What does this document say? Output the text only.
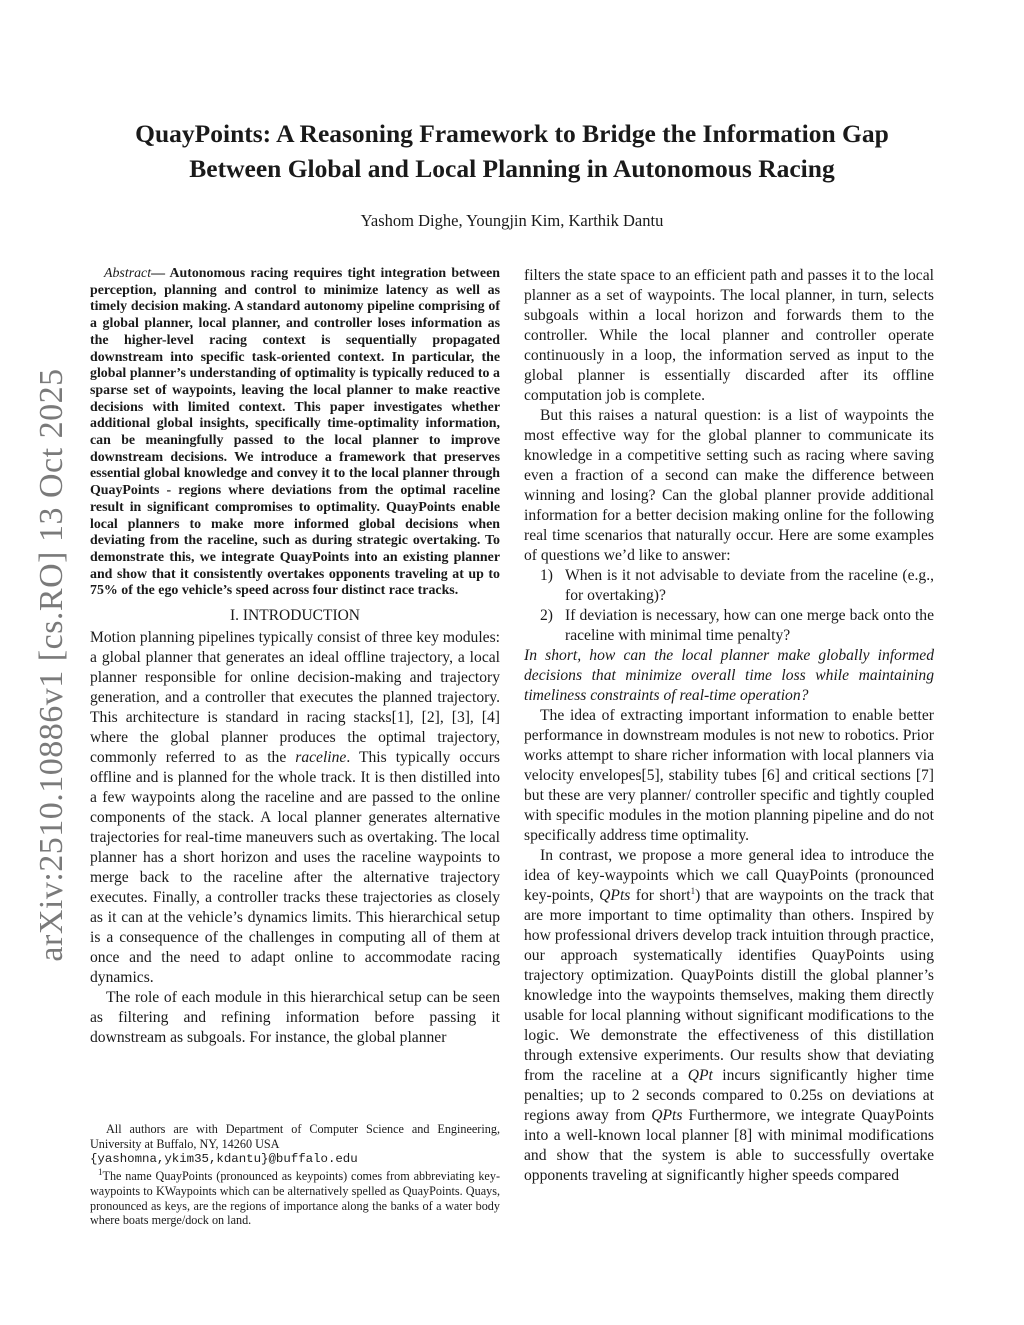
arXiv:2510.10886v1 [cs.RO] 13 Oct 2025
QuayPoints: A Reasoning Framework to Bridge the Information Gap
Between Global and Local Planning in Autonomous Racing
Yashom Dighe, Youngjin Kim, Karthik Dantu

Abstract— Autonomous racing requires tight integration between perception, planning and control to minimize latency as well as timely decision making. A standard autonomy pipeline comprising of a global planner, local planner, and controller loses information as the higher-level racing context is sequentially propagated downstream into specific task-oriented context. In particular, the global planner’s understanding of optimality is typically reduced to a sparse set of waypoints, leaving the local planner to make reactive decisions with limited context. This paper investigates whether additional global insights, specifically time-optimality information, can be meaningfully passed to the local planner to improve downstream decisions. We introduce a framework that preserves essential global knowledge and convey it to the local planner through QuayPoints - regions where deviations from the optimal raceline result in significant compromises to optimality. QuayPoints enable local planners to make more informed global decisions when deviating from the raceline, such as during strategic overtaking. To demonstrate this, we integrate QuayPoints into an existing planner and show that it consistently overtakes opponents traveling at up to 75% of the ego vehicle’s speed across four distinct race tracks.

I. INTRODUCTION

Motion planning pipelines typically consist of three key modules: a global planner that generates an ideal offline trajectory, a local planner responsible for online decision-making and trajectory generation, and a controller that executes the planned trajectory. This architecture is standard in racing stacks[1], [2], [3], [4] where the global planner produces the optimal trajectory, commonly referred to as the raceline. This typically occurs offline and is planned for the whole track. It is then distilled into a few waypoints along the raceline and are passed to the online components of the stack. A local planner generates alternative trajectories for real-time maneuvers such as overtaking. The local planner has a short horizon and uses the raceline waypoints to merge back to the raceline after the alternative trajectory executes. Finally, a controller tracks these trajectories as closely as it can at the vehicle’s dynamics limits. This hierarchical setup is a consequence of the challenges in computing all of them at once and the need to adapt online to accommodate racing dynamics.

The role of each module in this hierarchical setup can be seen as filtering and refining information before passing it downstream as subgoals. For instance, the global planner

filters the state space to an efficient path and passes it to the local planner as a set of waypoints. The local planner, in turn, selects subgoals within a local horizon and forwards them to the controller. While the local planner and controller operate continuously in a loop, the information served as input to the global planner is essentially discarded after its offline computation job is complete.

But this raises a natural question: is a list of waypoints the most effective way for the global planner to communicate its knowledge in a competitive setting such as racing where saving even a fraction of a second can make the difference between winning and losing? Can the global planner provide additional information for a better decision making online for the following real time scenarios that naturally occur. Here are some examples of questions we’d like to answer:

1) When is it not advisable to deviate from the raceline (e.g., for overtaking)?
2) If deviation is necessary, how can one merge back onto the raceline with minimal time penalty?

In short, how can the local planner make globally informed decisions that minimize overall time loss while maintaining timeliness constraints of real-time operation?

The idea of extracting important information to enable better performance in downstream modules is not new to robotics. Prior works attempt to share richer information with local planners via velocity envelopes[5], stability tubes [6] and critical sections [7] but these are very planner/ controller specific and tightly coupled with specific modules in the motion planning pipeline and do not specifically address time optimality.

In contrast, we propose a more general idea to introduce the idea of key-waypoints which we call QuayPoints (pronounced key-points, QPts for short$^1$) that are waypoints on the track that are more important to time optimality than others. Inspired by how professional drivers develop track intuition through practice, our approach systematically identifies QuayPoints using trajectory optimization. QuayPoints distill the global planner’s knowledge into the waypoints themselves, making them directly usable for local planning without significant modifications to the logic. We demonstrate the effectiveness of this distillation through extensive experiments. Our results show that deviating from the raceline at a QPt incurs significantly higher time penalties; up to 2 seconds compared to 0.25s on deviations at regions away from QPts Furthermore, we integrate QuayPoints into a well-known local planner [8] with minimal modifications and show that the system is able to successfully overtake opponents traveling at significantly higher speeds compared

All authors are with Department of Computer Science and Engineering, University at Buffalo, NY, 14260 USA
{yashomna,ykim35,kdantu}@buffalo.edu

$^1$The name QuayPoints (pronounced as keypoints) comes from abbreviating key-waypoints to KWaypoints which can be alternatively spelled as QuayPoints. Quays, pronounced as keys, are the regions of importance along the banks of a water body where boats merge/dock on land.
